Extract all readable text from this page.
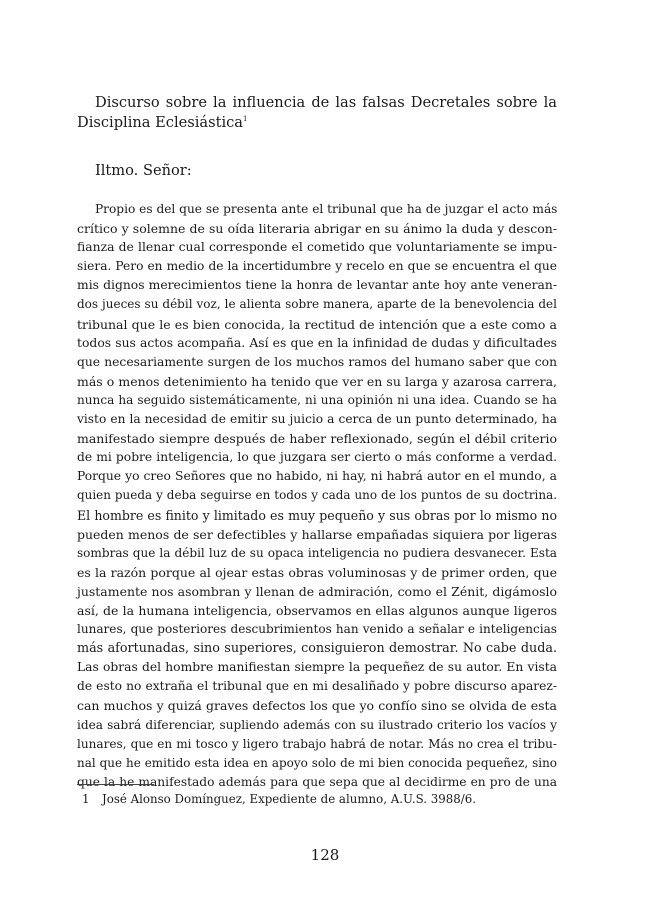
Discurso sobre la influencia de las falsas Decretales sobre la Disciplina Eclesiástica$^1$

Iltmo. Señor:

Propio es del que se presenta ante el tribunal que ha de juzgar el acto más
crítico y solemne de su oída literaria abrigar en su ánimo la duda y descon-
fianza de llenar cual corresponde el cometido que voluntariamente se impu-
siera. Pero en medio de la incertidumbre y recelo en que se encuentra el que
mis dignos merecimientos tiene la honra de levantar ante hoy ante veneran-
dos jueces su débil voz, le alienta sobre manera, aparte de la benevolencia del
tribunal que le es bien conocida, la rectitud de intención que a este como a
todos sus actos acompaña. Así es que en la infinidad de dudas y dificultades
que necesariamente surgen de los muchos ramos del humano saber que con
más o menos detenimiento ha tenido que ver en su larga y azarosa carrera,
nunca ha seguido sistemáticamente, ni una opinión ni una idea. Cuando se ha
visto en la necesidad de emitir su juicio a cerca de un punto determinado, ha
manifestado siempre después de haber reflexionado, según el débil criterio
de mi pobre inteligencia, lo que juzgara ser cierto o más conforme a verdad.
Porque yo creo Señores que no habido, ni hay, ni habrá autor en el mundo, a
quien pueda y deba seguirse en todos y cada uno de los puntos de su doctrina.
El hombre es finito y limitado es muy pequeño y sus obras por lo mismo no
pueden menos de ser defectibles y hallarse empañadas siquiera por ligeras
sombras que la débil luz de su opaca inteligencia no pudiera desvanecer. Esta
es la razón porque al ojear estas obras voluminosas y de primer orden, que
justamente nos asombran y llenan de admiración, como el Zénit, digámoslo
así, de la humana inteligencia, observamos en ellas algunos aunque ligeros
lunares, que posteriores descubrimientos han venido a señalar e inteligencias
más afortunadas, sino superiores, consiguieron demostrar. No cabe duda.
Las obras del hombre manifiestan siempre la pequeñez de su autor. En vista
de esto no extraña el tribunal que en mi desaliñado y pobre discurso aparez-
can muchos y quizá graves defectos los que yo confío sino se olvida de esta
idea sabrá diferenciar, supliendo además con su ilustrado criterio los vacíos y
lunares, que en mi tosco y ligero trabajo habrá de notar. Más no crea el tribu-
nal que he emitido esta idea en apoyo solo de mi bien conocida pequeñez, sino
que la he manifestado además para que sepa que al decidirme en pro de una
1 José Alonso Domínguez, Expediente de alumno, A.U.S. 3988/6.
128
